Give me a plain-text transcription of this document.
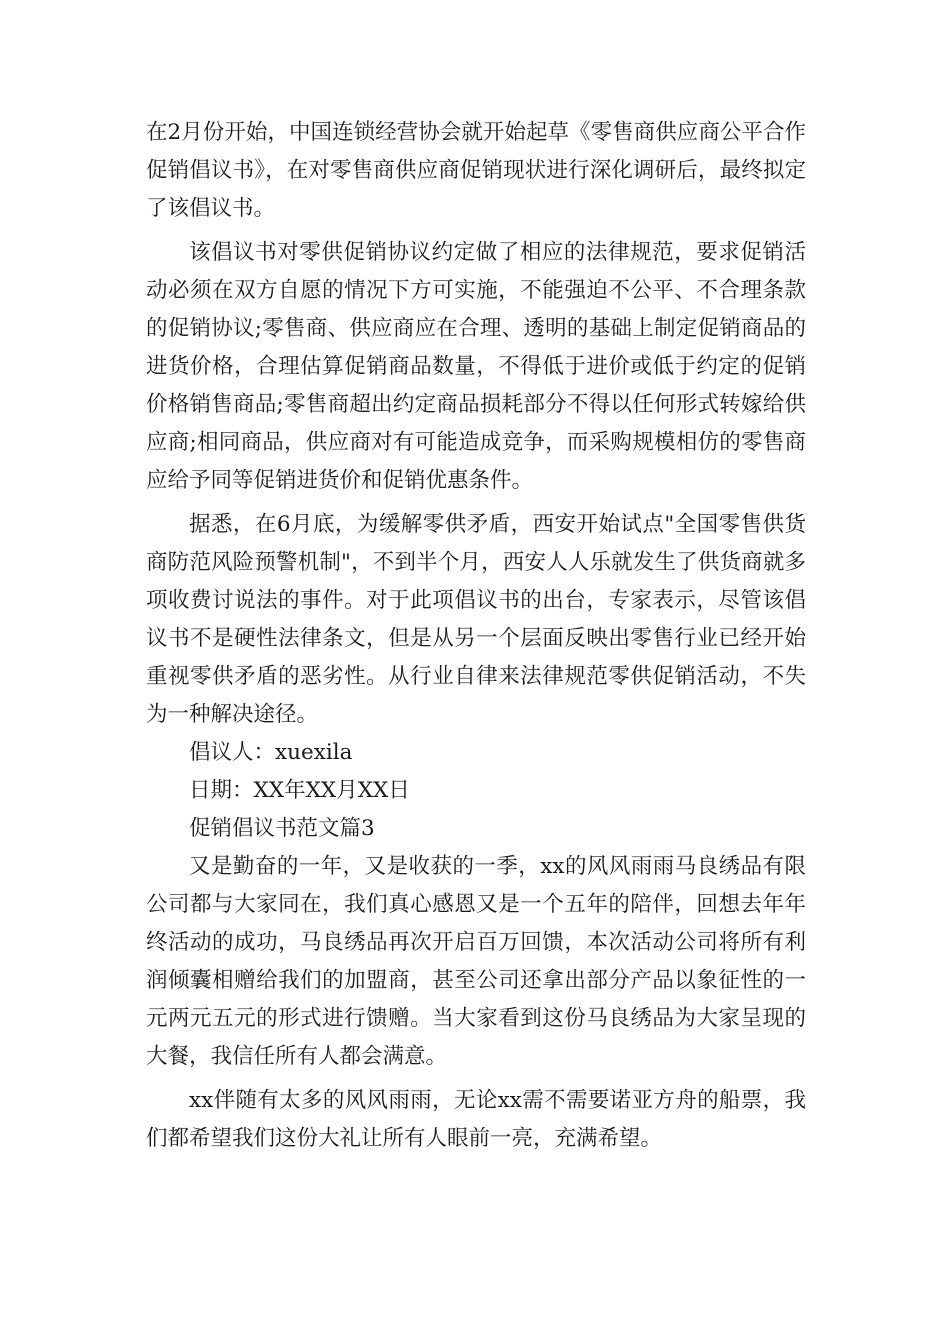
在2月份开始，中国连锁经营协会就开始起草《零售商供应商公平合作促销倡议书》，在对零售商供应商促销现状进行深化调研后，最终拟定了该倡议书。

该倡议书对零供促销协议约定做了相应的法律规范，要求促销活动必须在双方自愿的情况下方可实施，不能强迫不公平、不合理条款的促销协议;零售商、供应商应在合理、透明的基础上制定促销商品的进货价格，合理估算促销商品数量，不得低于进价或低于约定的促销价格销售商品;零售商超出约定商品损耗部分不得以任何形式转嫁给供应商;相同商品，供应商对有可能造成竞争，而采购规模相仿的零售商应给予同等促销进货价和促销优惠条件。

据悉，在6月底，为缓解零供矛盾，西安开始试点"全国零售供货商防范风险预警机制"，不到半个月，西安人人乐就发生了供货商就多项收费讨说法的事件。对于此项倡议书的出台，专家表示，尽管该倡议书不是硬性法律条文，但是从另一个层面反映出零售行业已经开始重视零供矛盾的恶劣性。从行业自律来法律规范零供促销活动，不失为一种解决途径。

倡议人：xuexila

日期：XX年XX月XX日

促销倡议书范文篇3

又是勤奋的一年，又是收获的一季，xx的风风雨雨马良绣品有限公司都与大家同在，我们真心感恩又是一个五年的陪伴，回想去年年终活动的成功，马良绣品再次开启百万回馈，本次活动公司将所有利润倾囊相赠给我们的加盟商，甚至公司还拿出部分产品以象征性的一元两元五元的形式进行馈赠。当大家看到这份马良绣品为大家呈现的大餐，我信任所有人都会满意。

xx伴随有太多的风风雨雨，无论xx需不需要诺亚方舟的船票，我们都希望我们这份大礼让所有人眼前一亮，充满希望。
